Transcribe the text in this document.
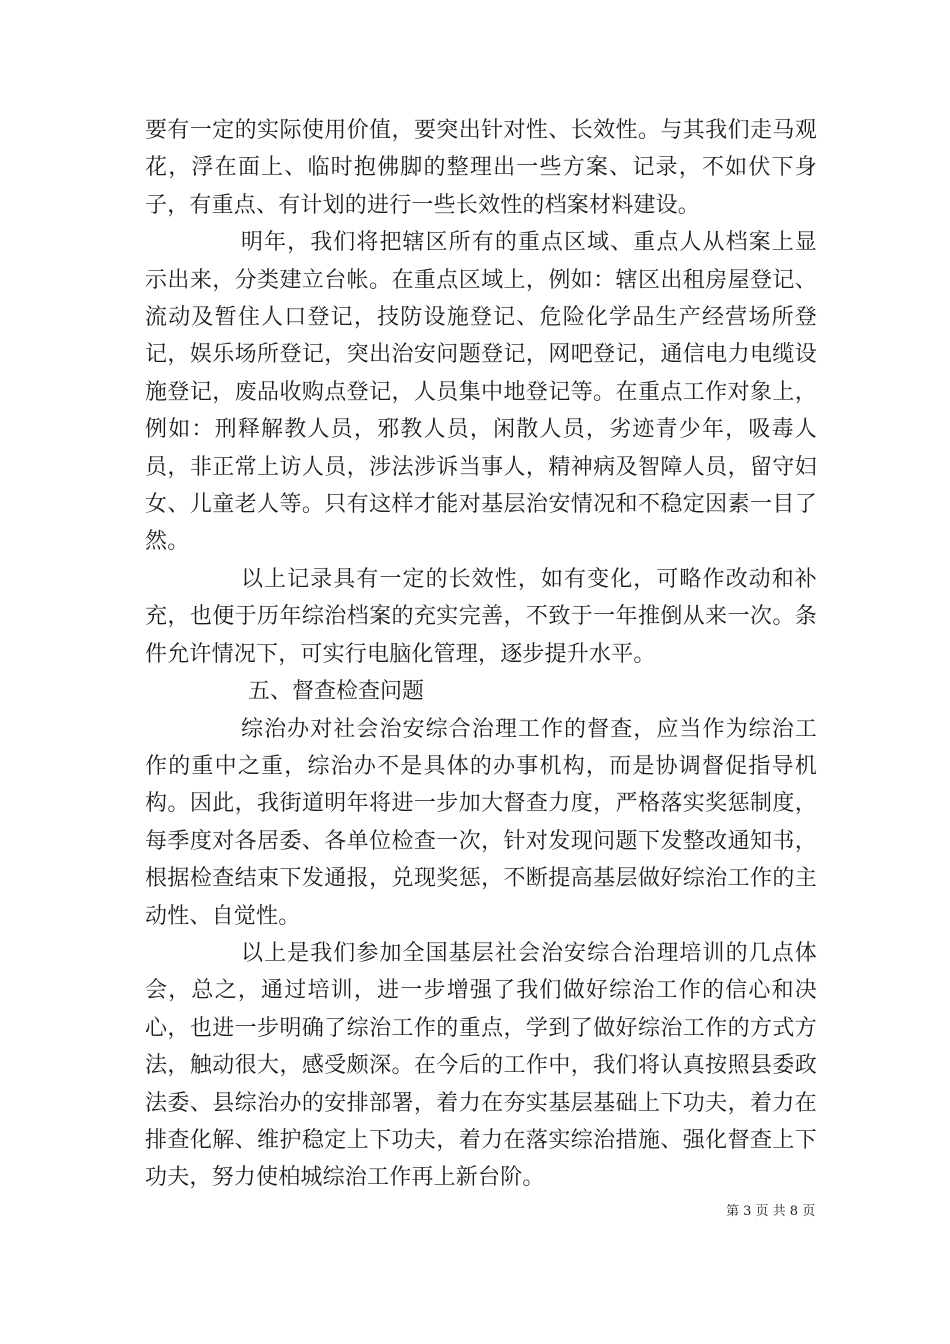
要有一定的实际使用价值，要突出针对性、长效性。与其我们走马观花，浮在面上、临时抱佛脚的整理出一些方案、记录，不如伏下身子，有重点、有计划的进行一些长效性的档案材料建设。

明年，我们将把辖区所有的重点区域、重点人从档案上显示出来，分类建立台帐。在重点区域上，例如：辖区出租房屋登记、流动及暂住人口登记，技防设施登记、危险化学品生产经营场所登记，娱乐场所登记，突出治安问题登记，网吧登记，通信电力电缆设施登记，废品收购点登记，人员集中地登记等。在重点工作对象上，例如：刑释解教人员，邪教人员，闲散人员，劣迹青少年，吸毒人员，非正常上访人员，涉法涉诉当事人，精神病及智障人员，留守妇女、儿童老人等。只有这样才能对基层治安情况和不稳定因素一目了然。

以上记录具有一定的长效性，如有变化，可略作改动和补充，也便于历年综治档案的充实完善，不致于一年推倒从来一次。条件允许情况下，可实行电脑化管理，逐步提升水平。

五、督查检查问题

综治办对社会治安综合治理工作的督查，应当作为综治工作的重中之重，综治办不是具体的办事机构，而是协调督促指导机构。因此，我街道明年将进一步加大督查力度，严格落实奖惩制度，每季度对各居委、各单位检查一次，针对发现问题下发整改通知书，根据检查结束下发通报，兑现奖惩，不断提高基层做好综治工作的主动性、自觉性。

以上是我们参加全国基层社会治安综合治理培训的几点体会，总之，通过培训，进一步增强了我们做好综治工作的信心和决心，也进一步明确了综治工作的重点，学到了做好综治工作的方式方法，触动很大，感受颇深。在今后的工作中，我们将认真按照县委政法委、县综治办的安排部署，着力在夯实基层基础上下功夫，着力在排查化解、维护稳定上下功夫，着力在落实综治措施、强化督查上下功夫，努力使柏城综治工作再上新台阶。

第 3 页 共 8 页
